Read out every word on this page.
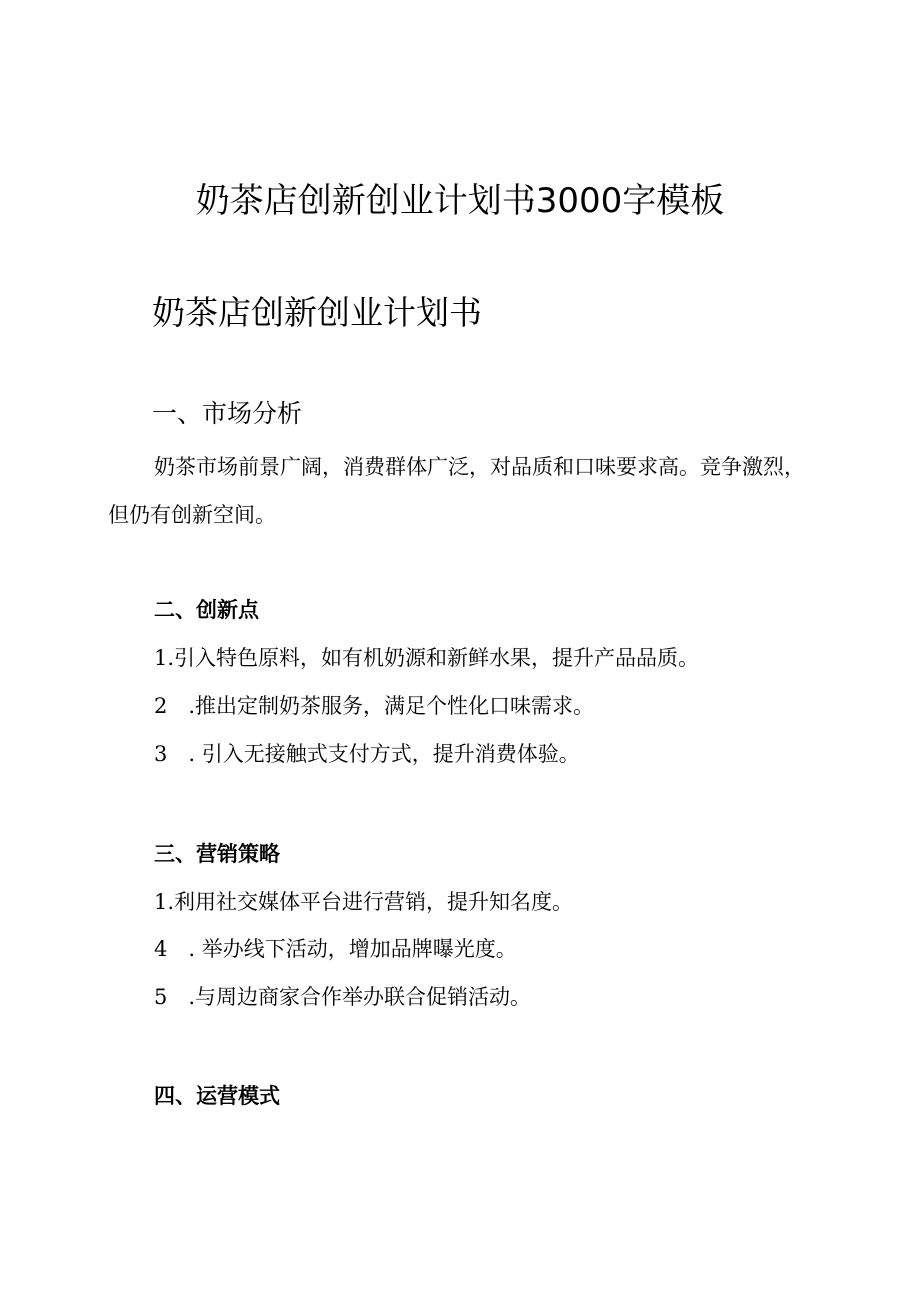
奶茶店创新创业计划书3000字模板
奶茶店创新创业计划书
一、市场分析

奶茶市场前景广阔，消费群体广泛，对品质和口味要求高。竞争激烈，但仍有创新空间。

二、创新点

1.引入特色原料，如有机奶源和新鲜水果，提升产品品质。

2　.推出定制奶茶服务，满足个性化口味需求。

3　. 引入无接触式支付方式，提升消费体验。

三、营销策略

1.利用社交媒体平台进行营销，提升知名度。

4　. 举办线下活动，增加品牌曝光度。

5　.与周边商家合作举办联合促销活动。

四、运营模式
